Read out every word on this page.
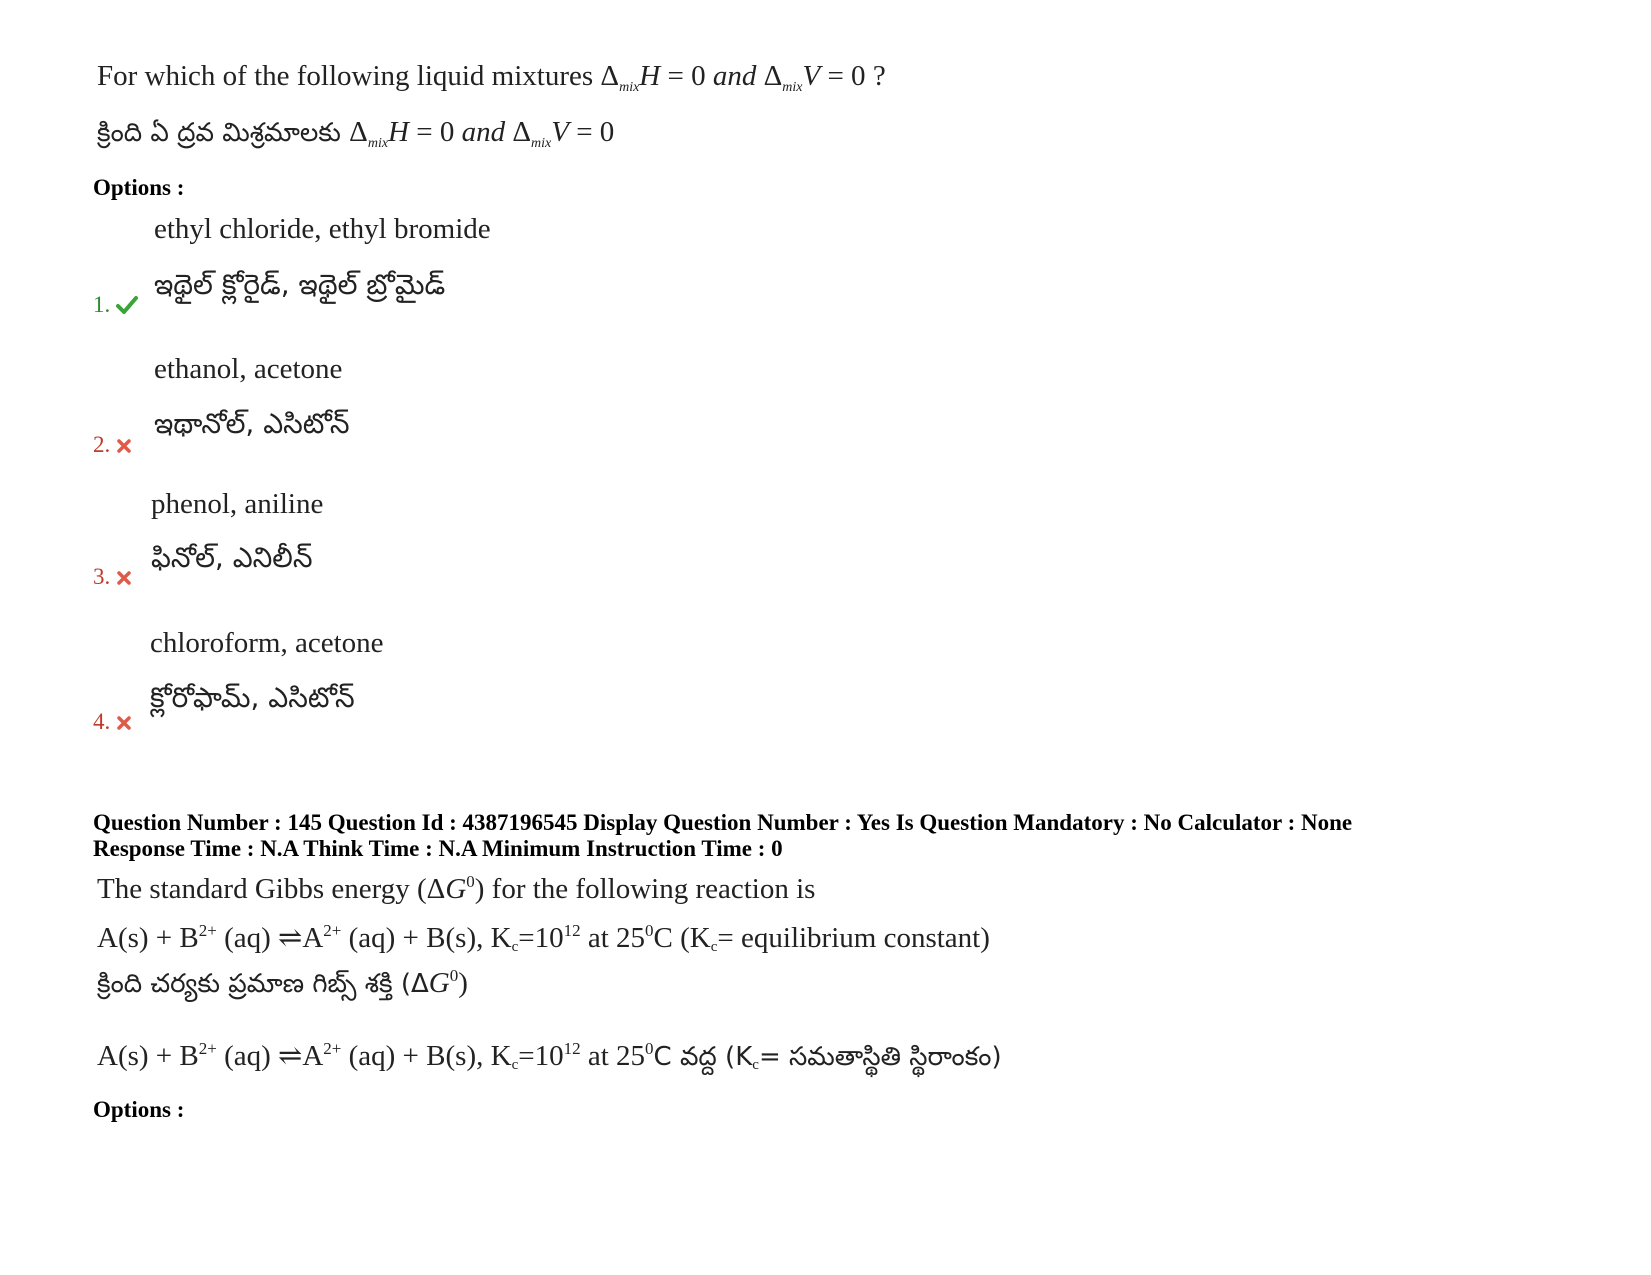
For which of the following liquid mixtures $\Delta_{mix}H = 0$ and $\Delta_{mix}V = 0$ ?
క్రింది ఏ ద్రవ మిశ్రమాలకు $\Delta_{mix}H = 0$ and $\Delta_{mix}V = 0$
Options :
ethyl chloride, ethyl bromide
ఇథైల్ క్లోరైడ్, ఇథైల్ బ్రోమైడ్
1.
ethanol, acetone
ఇథానోల్, ఎసిటోన్
2.
phenol, aniline
ఫినోల్, ఎనిలీన్
3.
chloroform, acetone
క్లోరోఫామ్, ఎసిటోన్
4.
Question Number : 145 Question Id : 4387196545 Display Question Number : Yes Is Question Mandatory : No Calculator : None
Response Time : N.A Think Time : N.A Minimum Instruction Time : 0
The standard Gibbs energy $(\Delta G^0)$ for the following reaction is
$A(s) + B^{2+}$ (aq) $\rightleftharpoons A^{2+}$ (aq) + B(s), $K_c=10^{12}$ at $25^0C$ ($K_c=$ equilibrium constant)
క్రింది చర్యకు ప్రమాణ గిబ్స్ శక్తి $(\Delta G^0)$
$A(s) + B^{2+}$ (aq) $\rightleftharpoons A^{2+}$ (aq) + B(s), $K_c=10^{12}$ at $25^0C$ వద్ద ($K_c=$ సమతాస్థితి స్థిరాంకం)
Options :
